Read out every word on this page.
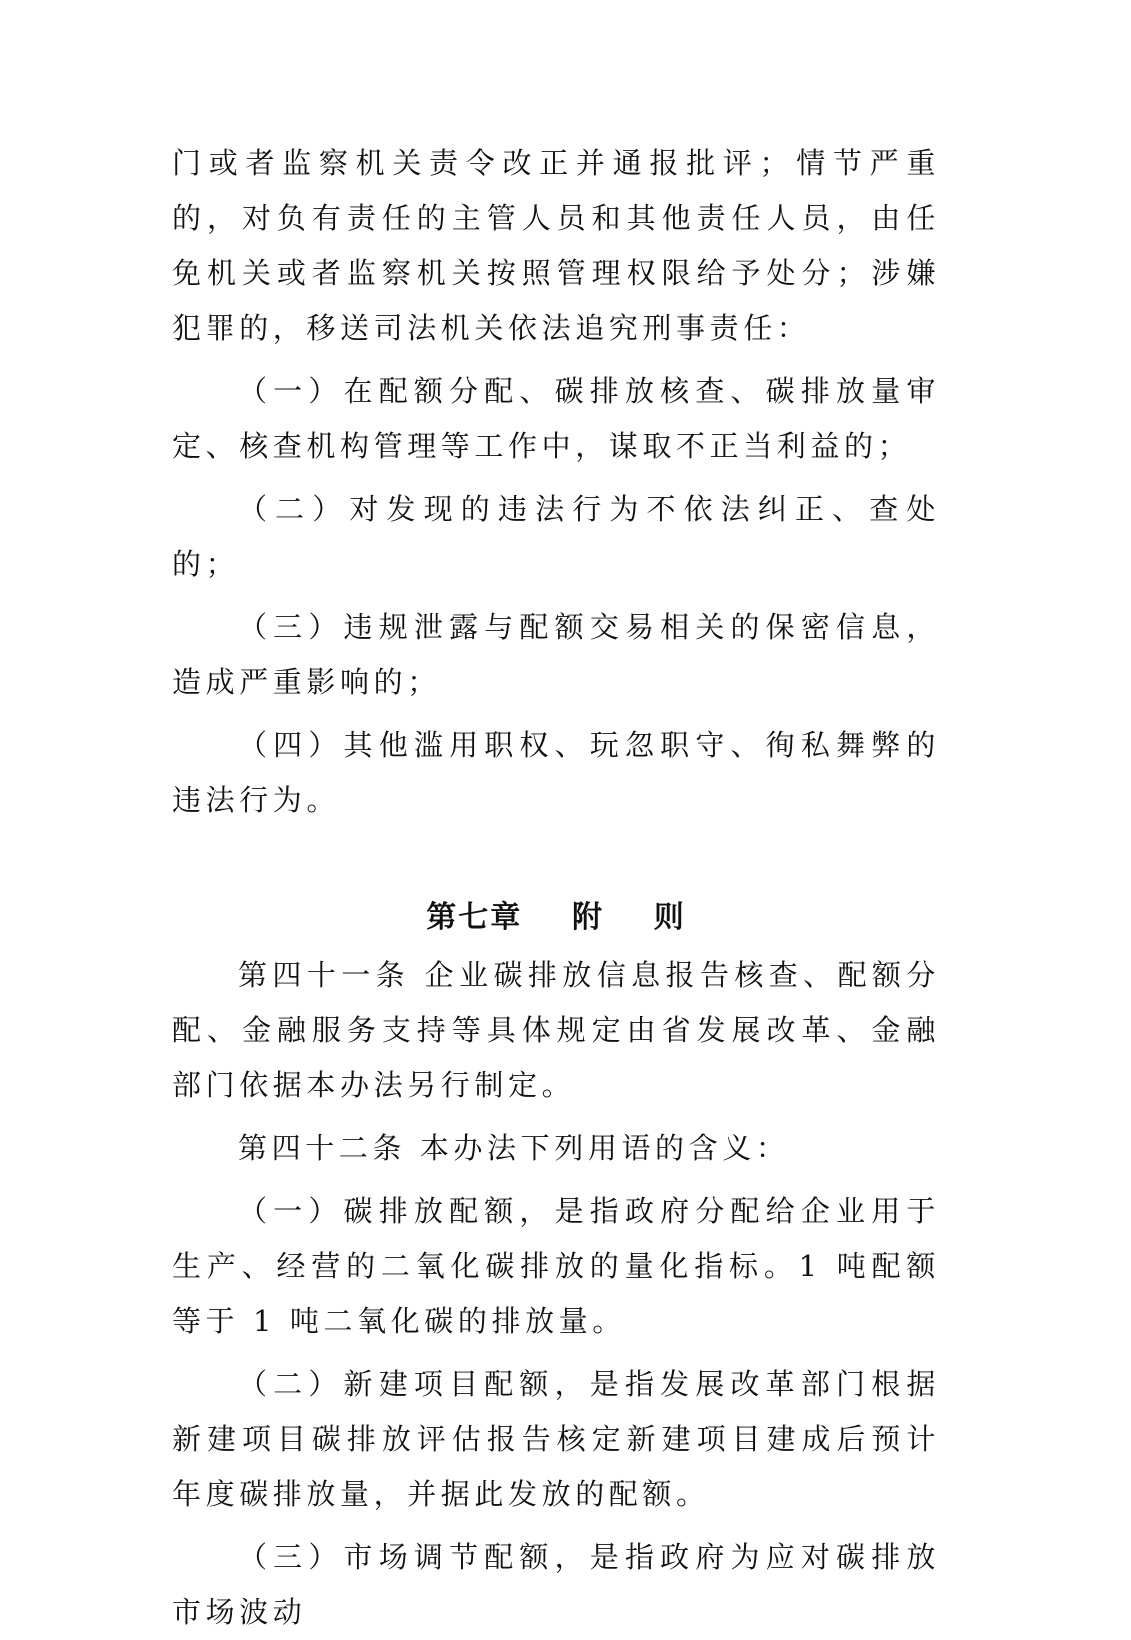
门或者监察机关责令改正并通报批评；情节严重的，对负有责任的主管人员和其他责任人员，由任免机关或者监察机关按照管理权限给予处分；涉嫌犯罪的，移送司法机关依法追究刑事责任：

（一）在配额分配、碳排放核查、碳排放量审定、核查机构管理等工作中，谋取不正当利益的；

（二）对发现的违法行为不依法纠正、查处的；

（三）违规泄露与配额交易相关的保密信息，造成严重影响的；

（四）其他滥用职权、玩忽职守、徇私舞弊的违法行为。

第七章    附    则

第四十一条 企业碳排放信息报告核查、配额分配、金融服务支持等具体规定由省发展改革、金融部门依据本办法另行制定。

第四十二条 本办法下列用语的含义：

（一）碳排放配额，是指政府分配给企业用于生产、经营的二氧化碳排放的量化指标。1 吨配额等于 1 吨二氧化碳的排放量。

（二）新建项目配额，是指发展改革部门根据新建项目碳排放评估报告核定新建项目建成后预计年度碳排放量，并据此发放的配额。

（三）市场调节配额，是指政府为应对碳排放市场波动
